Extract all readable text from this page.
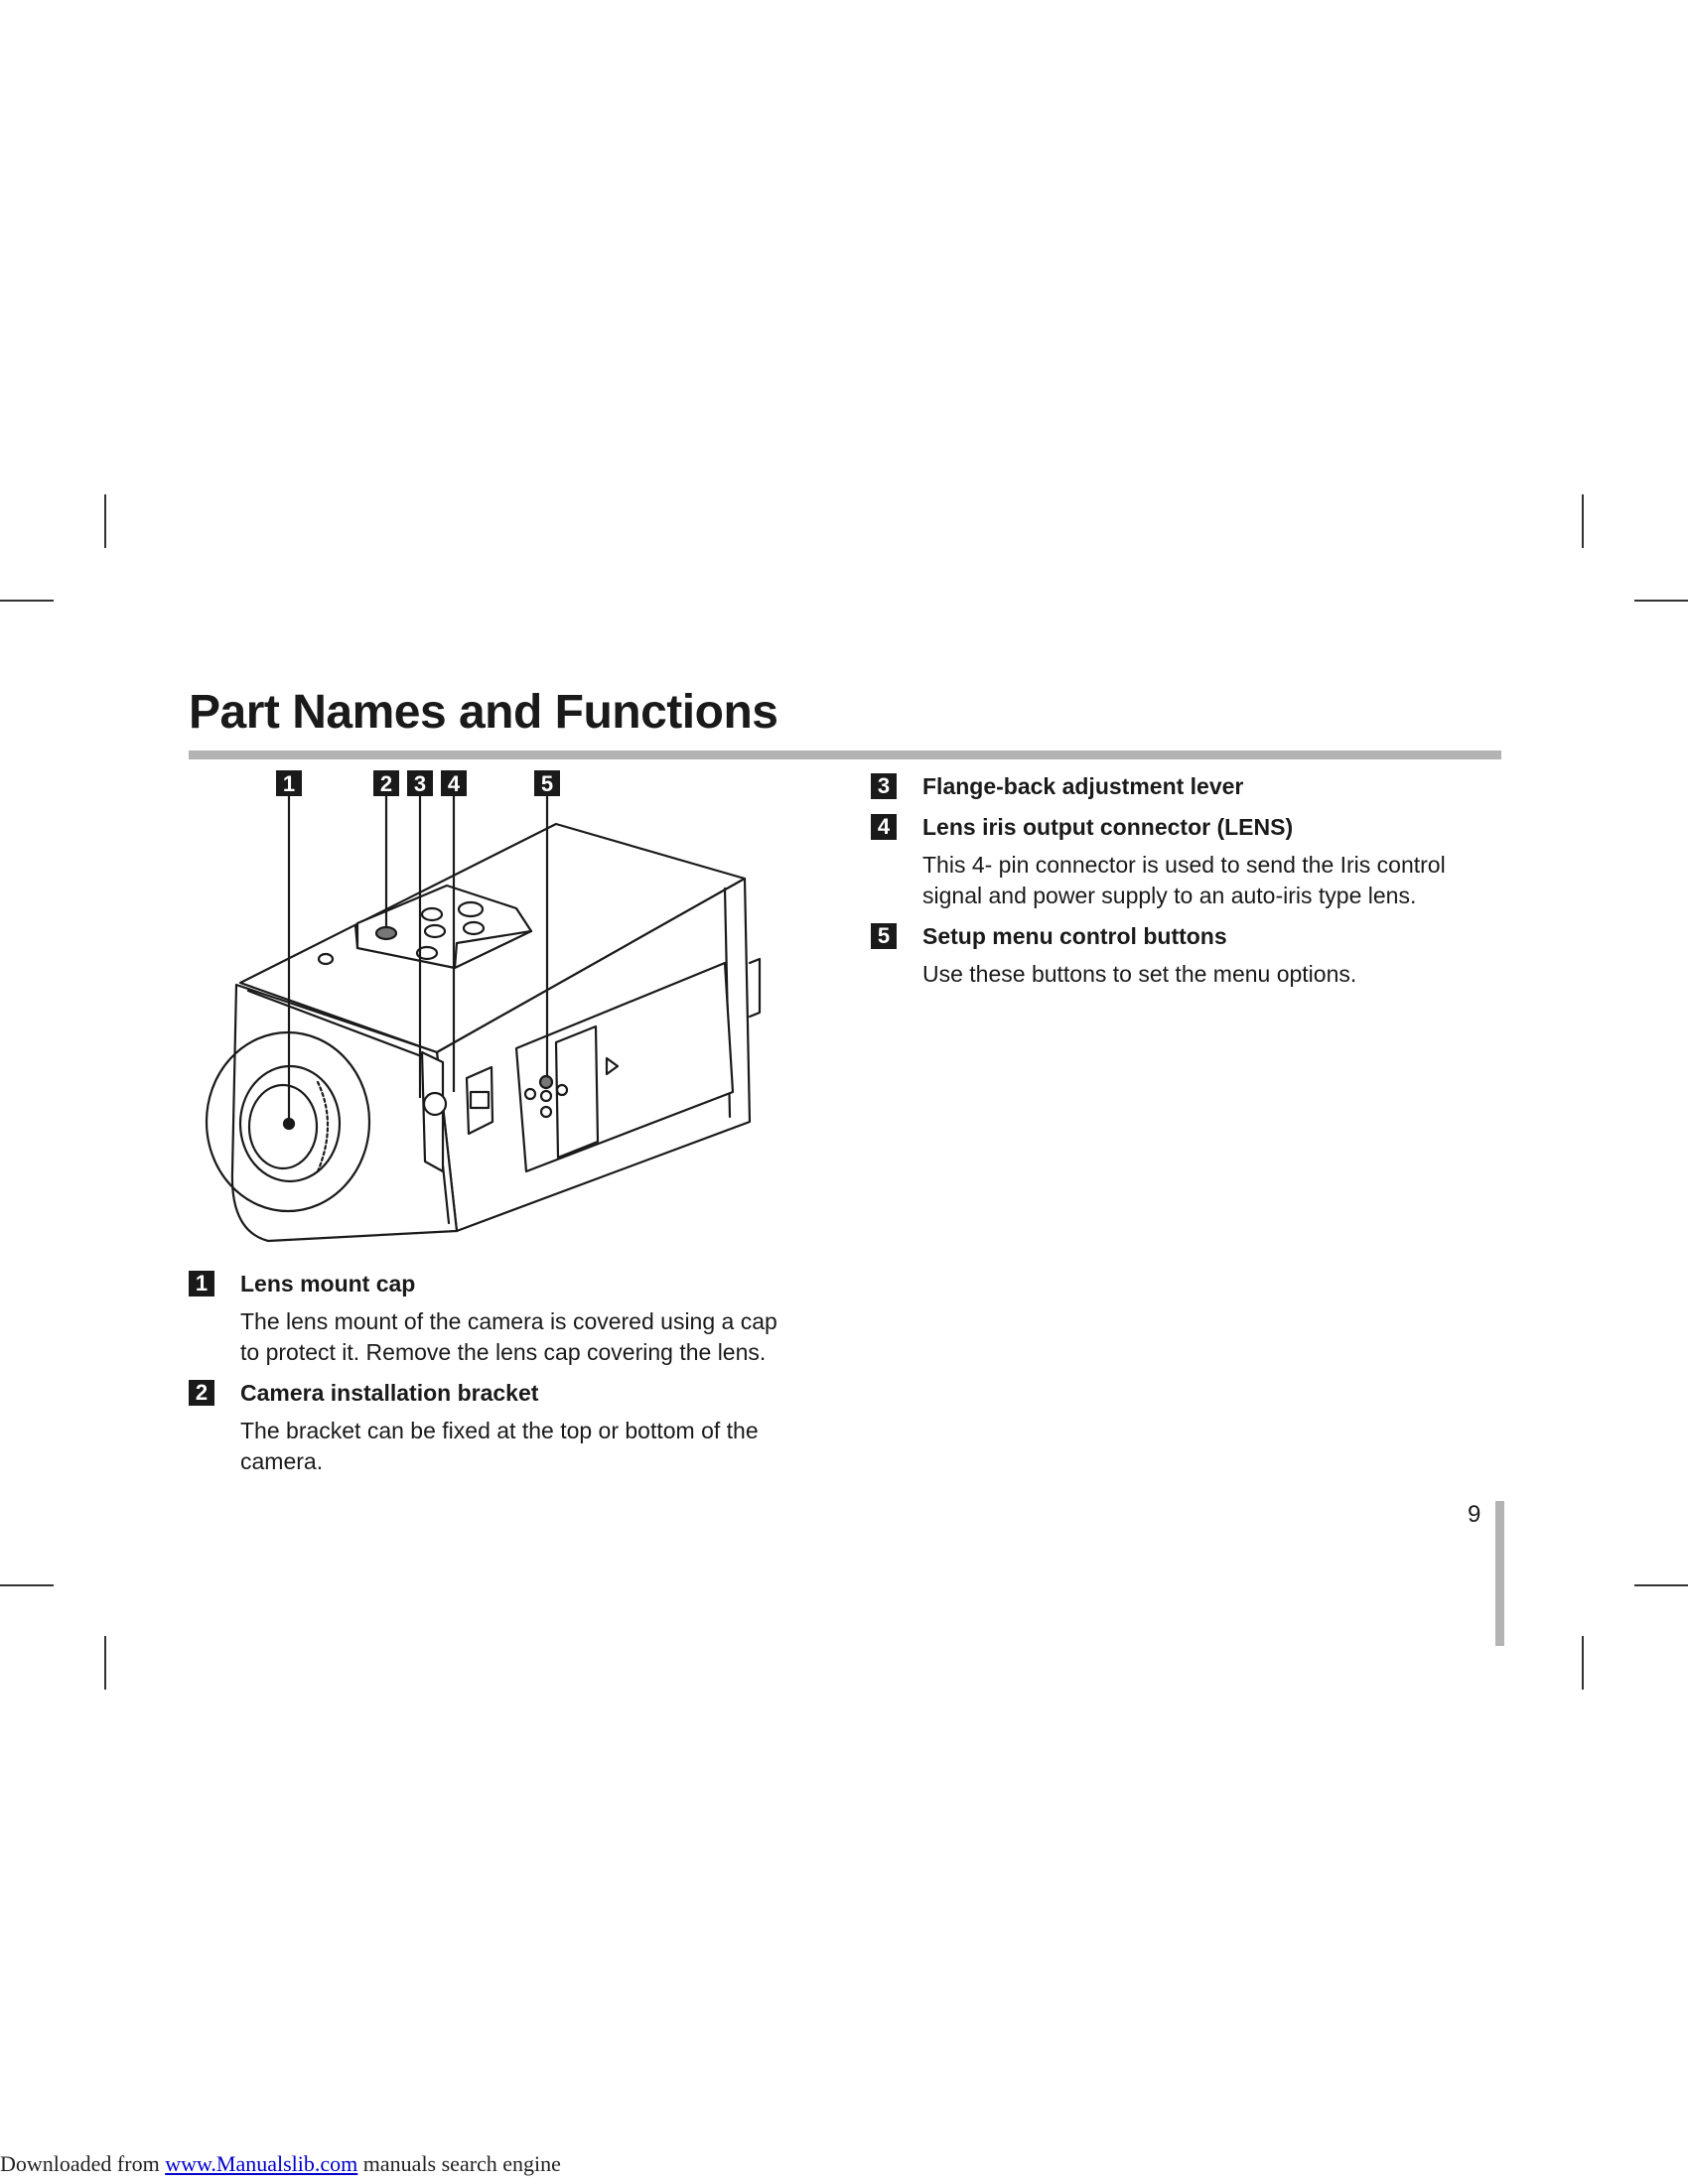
Part Names and Functions
1	2 3 4	5
1 Lens mount cap
The lens mount of the camera is covered using a cap to protect it. Remove the lens cap covering the lens.
2 Camera installation bracket
The bracket can be fixed at the top or bottom of the camera.
3 Flange-back adjustment lever
4 Lens iris output connector (LENS)
This 4- pin connector is used to send the Iris control signal and power supply to an auto-iris type lens.
5 Setup menu control buttons
Use these buttons to set the menu options.
9
Downloaded from www.Manualslib.com manuals search engine
